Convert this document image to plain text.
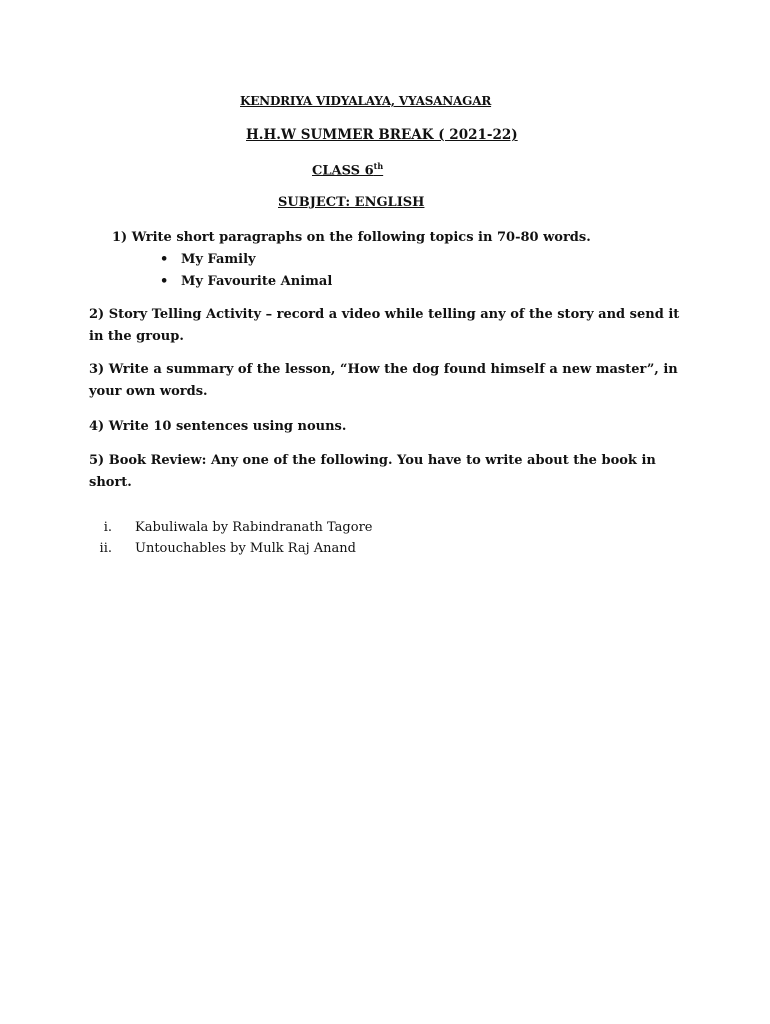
KENDRIYA VIDYALAYA, VYASANAGAR

H.H.W SUMMER BREAK ( 2021-22)

CLASS 6th

SUBJECT: ENGLISH

1) Write short paragraphs on the following topics in 70-80 words.

• My Family
• My Favourite Animal

2) Story Telling Activity – record a video while telling any of the story and send it in the group.

3) Write a summary of the lesson, “How the dog found himself a new master”, in your own words.

4) Write 10 sentences using nouns.

5) Book Review: Any one of the following. You have to write about the book in short.

i. Kabuliwala by Rabindranath Tagore
ii. Untouchables by Mulk Raj Anand
